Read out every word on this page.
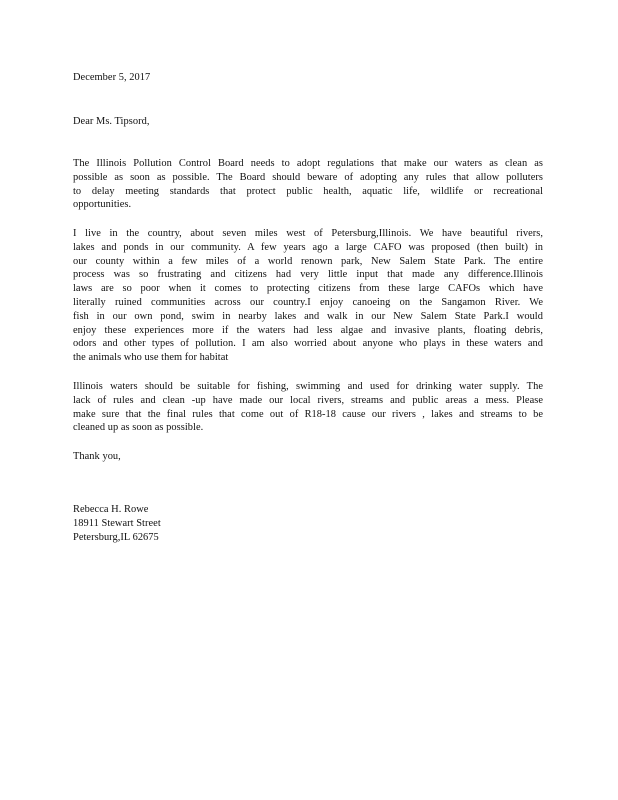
December 5, 2017
Dear Ms. Tipsord,
The Illinois Pollution Control Board needs to adopt regulations that make our waters as clean as
possible as soon as possible. The Board should beware of adopting any rules that allow polluters
to delay meeting standards that protect public health, aquatic life, wildlife or recreational
opportunities.
I live in the country, about seven miles west of Petersburg,Illinois. We have beautiful rivers,
lakes and ponds in our community. A few years ago a large CAFO was proposed (then built) in
our county within a few miles of a world renown park, New Salem State Park. The entire
process was so frustrating and citizens had very little input that made any difference.Illinois
laws are so poor when it comes to protecting citizens from these large CAFOs which have
literally ruined communities across our country.I enjoy canoeing on the Sangamon River. We
fish in our own pond, swim in nearby lakes and walk in our New Salem State Park.I would
enjoy these experiences more if the waters had less algae and invasive plants, floating debris,
odors and other types of pollution. I am also worried about anyone who plays in these waters and
the animals who use them for habitat
Illinois waters should be suitable for fishing, swimming and used for drinking water supply. The
lack of rules and clean -up have made our local rivers, streams and public areas a mess. Please
make sure that the final rules that come out of R18-18 cause our rivers , lakes and streams to be
cleaned up as soon as possible.
Thank you,
Rebecca H. Rowe
18911 Stewart Street
Petersburg,IL 62675
